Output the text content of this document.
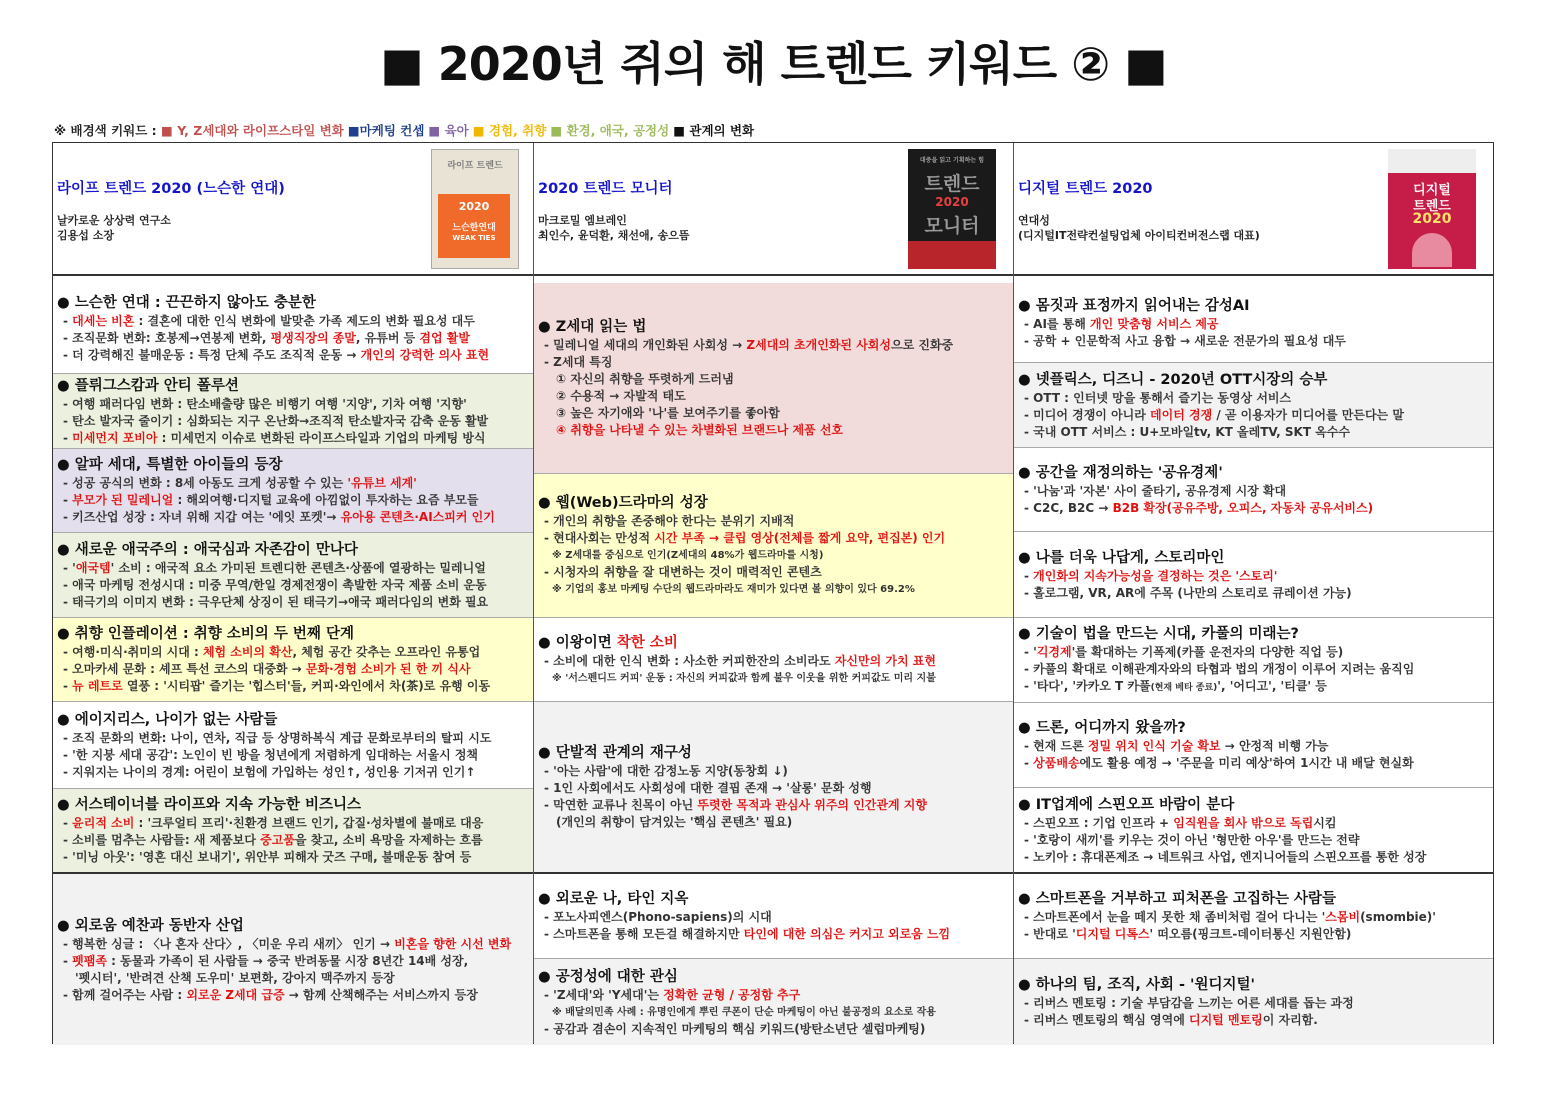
■ 2020년 쥐의 해 트렌드 키워드 ② ■
※ 배경색 키워드 : ■ Y, Z세대와 라이프스타일 변화 ■마케팅 컨셉 ■ 육아 ■ 경험, 취향 ■ 환경, 애국, 공정성 ■ 관계의 변화
라이프 트렌드 2020 (느슨한 연대)
날카로운 상상력 연구소
김용섭 소장
라이프 트렌드
2020
느슨한연대
WEAK TIES
● 느슨한 연대 : 끈끈하지 않아도 충분한
- 대세는 비혼 : 결혼에 대한 인식 변화에 발맞춘 가족 제도의 변화 필요성 대두
- 조직문화 변화: 호봉제→연봉제 변화, 평생직장의 종말, 유튜버 등 겸업 활발
- 더 강력해진 불매운동 : 특정 단체 주도 조직적 운동 → 개인의 강력한 의사 표현
● 플뤼그스캄과 안티 폴루션
- 여행 패러다임 변화 : 탄소배출량 많은 비행기 여행 '지양', 기차 여행 '지향'
- 탄소 발자국 줄이기 : 심화되는 지구 온난화→조직적 탄소발자국 감축 운동 활발
- 미세먼지 포비아 : 미세먼지 이슈로 변화된 라이프스타일과 기업의 마케팅 방식
● 알파 세대, 특별한 아이들의 등장
- 성공 공식의 변화 : 8세 아동도 크게 성공할 수 있는 '유튜브 세계'
- 부모가 된 밀레니얼 : 해외여행·디지털 교육에 아낌없이 투자하는 요즘 부모들
- 키즈산업 성장 : 자녀 위해 지갑 여는 '에잇 포켓'→ 유아용 콘텐츠·AI스피커 인기
● 새로운 애국주의 : 애국심과 자존감이 만나다
- '애국템' 소비 : 애국적 요소 가미된 트렌디한 콘텐츠·상품에 열광하는 밀레니얼
- 애국 마케팅 전성시대 : 미중 무역/한일 경제전쟁이 촉발한 자국 제품 소비 운동
- 태극기의 이미지 변화 : 극우단체 상징이 된 태극기→애국 패러다임의 변화 필요
● 취향 인플레이션 : 취향 소비의 두 번째 단계
- 여행·미식·취미의 시대 : 체험 소비의 확산, 체험 공간 갖추는 오프라인 유통업
- 오마카세 문화 : 셰프 특선 코스의 대중화 → 문화·경험 소비가 된 한 끼 식사
- 뉴 레트로 열풍 : '시티팝' 즐기는 '힙스터'들, 커피·와인에서 차(茶)로 유행 이동
● 에이지리스, 나이가 없는 사람들
- 조직 문화의 변화: 나이, 연차, 직급 등 상명하복식 계급 문화로부터의 탈피 시도
- '한 지붕 세대 공감': 노인이 빈 방을 청년에게 저렴하게 임대하는 서울시 정책
- 지워지는 나이의 경계: 어린이 보험에 가입하는 성인↑, 성인용 기저귀 인기↑
● 서스테이너블 라이프와 지속 가능한 비즈니스
- 윤리적 소비 : '크루얼티 프리'·친환경 브랜드 인기, 갑질·성차별에 불매로 대응
- 소비를 멈추는 사람들: 새 제품보다 중고품을 찾고, 소비 욕망을 자제하는 흐름
- '미닝 아웃': '영혼 대신 보내기', 위안부 피해자 굿즈 구매, 불매운동 참여 등
● 외로움 예찬과 동반자 산업
- 행복한 싱글 : 〈나 혼자 산다〉, 〈미운 우리 새끼〉 인기 → 비혼을 향한 시선 변화
- 펫팸족 : 동물과 가족이 된 사람들 → 중국 반려동물 시장 8년간 14배 성장,
'펫시터', '반려견 산책 도우미' 보편화, 강아지 맥주까지 등장
- 함께 걸어주는 사람 : 외로운 Z세대 급증 → 함께 산책해주는 서비스까지 등장
2020 트렌드 모니터
마크로밀 엠브레인
최인수, 윤덕환, 채선애, 송으뜸
대중을 읽고 기획하는 힘
트렌드
2020
모니터
● Z세대 읽는 법
- 밀레니얼 세대의 개인화된 사회성 → Z세대의 초개인화된 사회성으로 진화중
- Z세대 특징
① 자신의 취향을 뚜렷하게 드러냄
② 수용적 → 자발적 태도
③ 높은 자기애와 '나'를 보여주기를 좋아함
④ 취향을 나타낼 수 있는 차별화된 브랜드나 제품 선호
● 웹(Web)드라마의 성장
- 개인의 취향을 존중해야 한다는 분위기 지배적
- 현대사회는 만성적 시간 부족 → 클립 영상(전체를 짧게 요약, 편집본) 인기
※ Z세대를 중심으로 인기(Z세대의 48%가 웹드라마를 시청)
- 시청자의 취향을 잘 대변하는 것이 매력적인 콘텐츠
※ 기업의 홍보 마케팅 수단의 웹드라마라도 재미가 있다면 볼 의향이 있다 69.2%
● 이왕이면 착한 소비
- 소비에 대한 인식 변화 : 사소한 커피한잔의 소비라도 자신만의 가치 표현
※ '서스펜디드 커피' 운동 : 자신의 커피값과 함께 불우 이웃을 위한 커피값도 미리 지불
● 단발적 관계의 재구성
- '아는 사람'에 대한 감정노동 지양(동창회 ↓)
- 1인 사회에서도 사회성에 대한 결핍 존재 → '살롱' 문화 성행
- 막연한 교류나 친목이 아닌 뚜렷한 목적과 관심사 위주의 인간관계 지향
(개인의 취향이 담겨있는 '핵심 콘텐츠' 필요)
● 외로운 나, 타인 지옥
- 포노사피엔스(Phono-sapiens)의 시대
- 스마트폰을 통해 모든걸 해결하지만 타인에 대한 의심은 커지고 외로움 느낌
● 공정성에 대한 관심
- 'Z세대'와 'Y세대'는 정확한 균형 / 공정함 추구
※ 배달의민족 사례 : 유명인에게 뿌린 쿠폰이 단순 마케팅이 아닌 불공정의 요소로 작용
- 공감과 겸손이 지속적인 마케팅의 핵심 키워드(방탄소년단 셀럽마케팅)
디지털 트렌드 2020
연대성
(디지털IT전략컨설팅업체 아이티컨버전스랩 대표)
디지털
트렌드
2020
● 몸짓과 표정까지 읽어내는 감성AI
- AI를 통해 개인 맞춤형 서비스 제공
- 공학 + 인문학적 사고 융합 → 새로운 전문가의 필요성 대두
● 넷플릭스, 디즈니 - 2020년 OTT시장의 승부
- OTT : 인터넷 망을 통해서 즐기는 동영상 서비스
- 미디어 경쟁이 아니라 데이터 경쟁 / 곧 이용자가 미디어를 만든다는 말
- 국내 OTT 서비스 : U+모바일tv, KT 올레TV, SKT 옥수수
● 공간을 재정의하는 '공유경제'
- '나눔'과 '자본' 사이 줄타기, 공유경제 시장 확대
- C2C, B2C → B2B 확장(공유주방, 오피스, 자동차 공유서비스)
● 나를 더욱 나답게, 스토리마인
- 개인화의 지속가능성을 결정하는 것은 '스토리'
- 홀로그램, VR, AR에 주목 (나만의 스토리로 큐레이션 가능)
● 기술이 법을 만드는 시대, 카풀의 미래는?
- '긱경제'를 확대하는 기폭제(카풀 운전자의 다양한 직업 등)
- 카풀의 확대로 이해관계자와의 타협과 법의 개정이 이루어 지려는 움직임
- '타다', '카카오 T 카풀(현재 베타 종료)', '어디고', '티클' 등
● 드론, 어디까지 왔을까?
- 현재 드론 정밀 위치 인식 기술 확보 → 안정적 비행 가능
- 상품배송에도 활용 예정 → '주문을 미리 예상'하여 1시간 내 배달 현실화
● IT업계에 스핀오프 바람이 분다
- 스핀오프 : 기업 인프라 + 임직원을 회사 밖으로 독립시킴
- '호랑이 새끼'를 키우는 것이 아닌 '형만한 아우'를 만드는 전략
- 노키아 : 휴대폰제조 → 네트워크 사업, 엔지니어들의 스핀오프를 통한 성장
● 스마트폰을 거부하고 피처폰을 고집하는 사람들
- 스마트폰에서 눈을 떼지 못한 채 좀비처럼 걸어 다니는 '스몸비(smombie)'
- 반대로 '디지털 디톡스' 떠오름(핑크트-데이터통신 지원안함)
● 하나의 팀, 조직, 사회 - '원디지털'
- 리버스 멘토링 : 기술 부담감을 느끼는 어른 세대를 돕는 과정
- 리버스 멘토링의 핵심 영역에 디지털 멘토링이 자리함.
